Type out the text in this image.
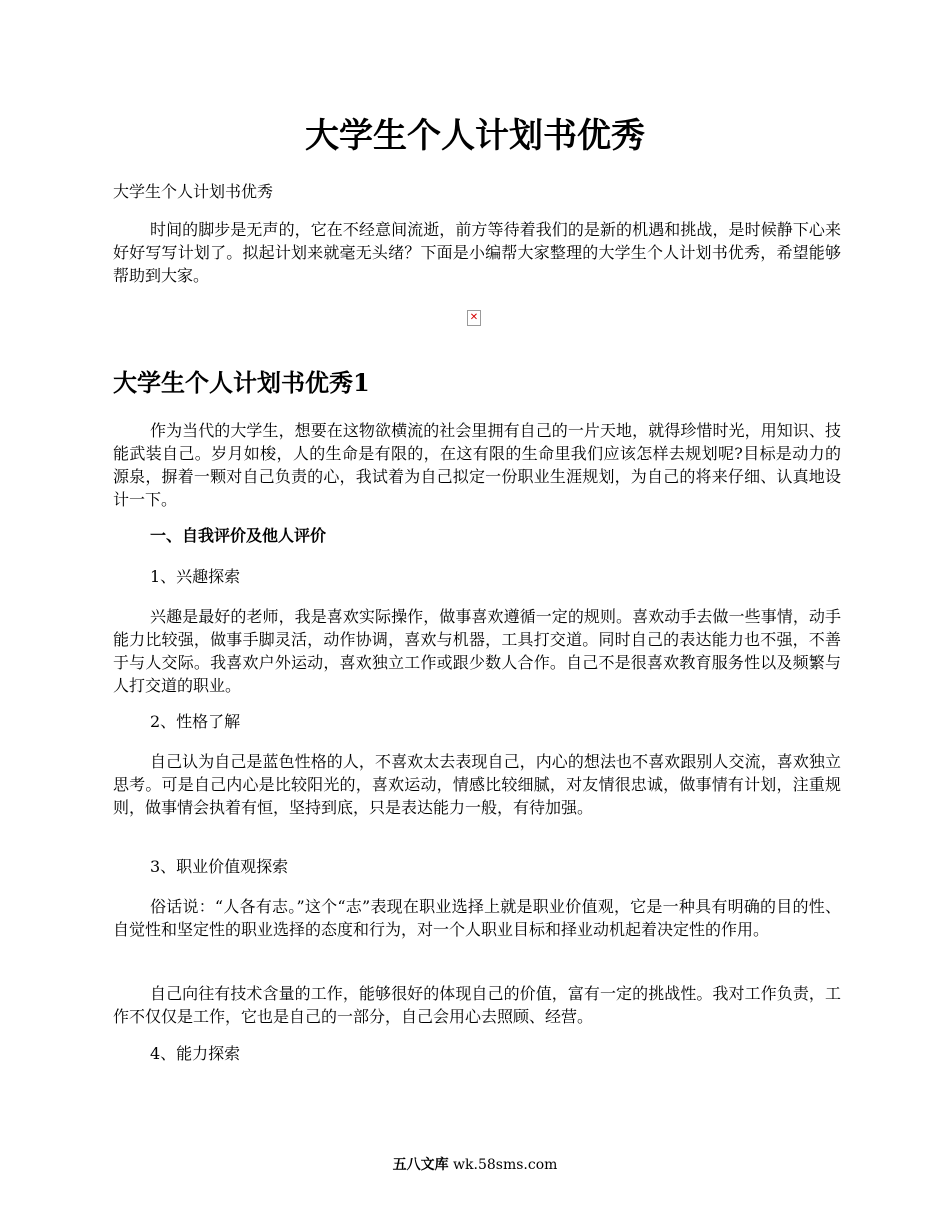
大学生个人计划书优秀

大学生个人计划书优秀

时间的脚步是无声的，它在不经意间流逝，前方等待着我们的是新的机遇和挑战，是时候静下心来好好写写计划了。拟起计划来就毫无头绪？下面是小编帮大家整理的大学生个人计划书优秀，希望能够帮助到大家。

✕
大学生个人计划书优秀1

作为当代的大学生，想要在这物欲横流的社会里拥有自己的一片天地，就得珍惜时光，用知识、技能武装自己。岁月如梭，人的生命是有限的，在这有限的生命里我们应该怎样去规划呢?目标是动力的源泉，摒着一颗对自己负责的心，我试着为自己拟定一份职业生涯规划，为自己的将来仔细、认真地设计一下。

一、自我评价及他人评价

1、兴趣探索

兴趣是最好的老师，我是喜欢实际操作，做事喜欢遵循一定的规则。喜欢动手去做一些事情，动手能力比较强，做事手脚灵活，动作协调，喜欢与机器，工具打交道。同时自己的表达能力也不强，不善于与人交际。我喜欢户外运动，喜欢独立工作或跟少数人合作。自己不是很喜欢教育服务性以及频繁与人打交道的职业。

2、性格了解

自己认为自己是蓝色性格的人，不喜欢太去表现自己，内心的想法也不喜欢跟别人交流，喜欢独立思考。可是自己内心是比较阳光的，喜欢运动，情感比较细腻，对友情很忠诚，做事情有计划，注重规则，做事情会执着有恒，坚持到底，只是表达能力一般，有待加强。

3、职业价值观探索

俗话说：“人各有志。”这个“志”表现在职业选择上就是职业价值观，它是一种具有明确的目的性、自觉性和坚定性的职业选择的态度和行为，对一个人职业目标和择业动机起着决定性的作用。

自己向往有技术含量的工作，能够很好的体现自己的价值，富有一定的挑战性。我对工作负责，工作不仅仅是工作，它也是自己的一部分，自己会用心去照顾、经营。

4、能力探索

五八文库 wk.58sms.com
